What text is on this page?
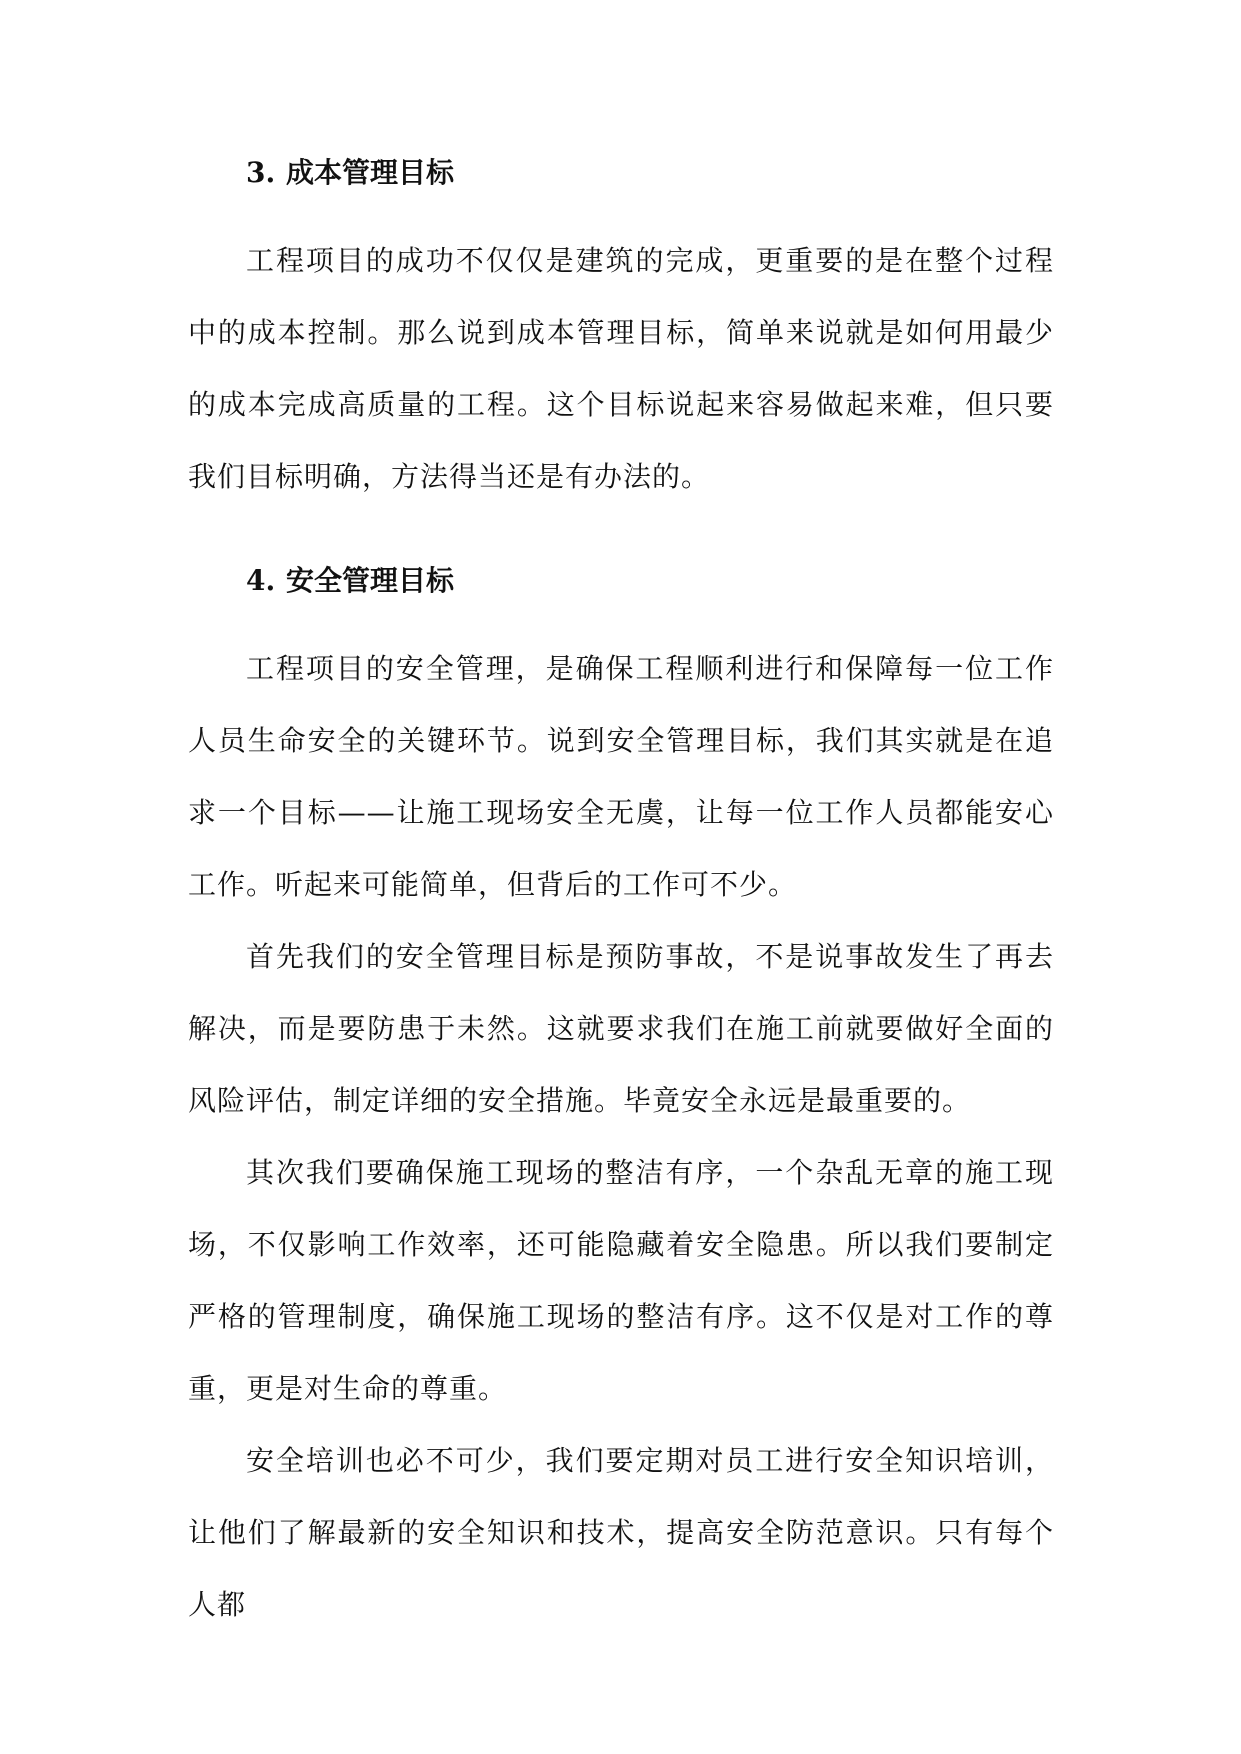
3. 成本管理目标

工程项目的成功不仅仅是建筑的完成，更重要的是在整个过程中的成本控制。那么说到成本管理目标，简单来说就是如何用最少的成本完成高质量的工程。这个目标说起来容易做起来难，但只要我们目标明确，方法得当还是有办法的。

4. 安全管理目标

工程项目的安全管理，是确保工程顺利进行和保障每一位工作人员生命安全的关键环节。说到安全管理目标，我们其实就是在追求一个目标——让施工现场安全无虞，让每一位工作人员都能安心工作。听起来可能简单，但背后的工作可不少。

首先我们的安全管理目标是预防事故，不是说事故发生了再去解决，而是要防患于未然。这就要求我们在施工前就要做好全面的风险评估，制定详细的安全措施。毕竟安全永远是最重要的。

其次我们要确保施工现场的整洁有序，一个杂乱无章的施工现场，不仅影响工作效率，还可能隐藏着安全隐患。所以我们要制定严格的管理制度，确保施工现场的整洁有序。这不仅是对工作的尊重，更是对生命的尊重。

安全培训也必不可少，我们要定期对员工进行安全知识培训，让他们了解最新的安全知识和技术，提高安全防范意识。只有每个人都
